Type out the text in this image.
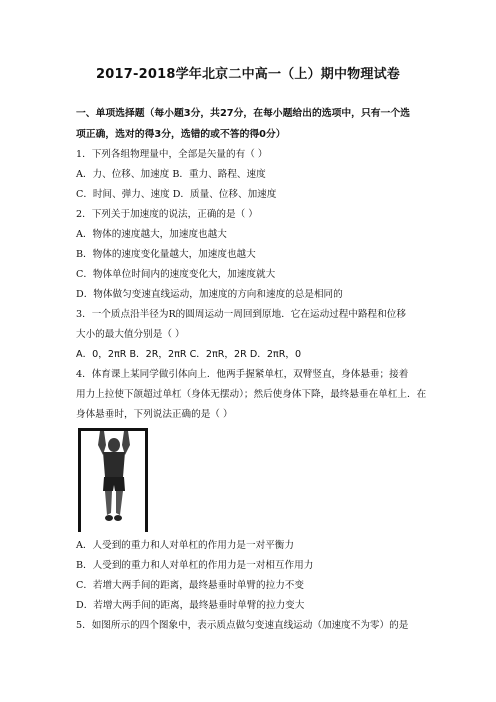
2017-2018学年北京二中高一（上）期中物理试卷
一、单项选择题（每小题3分，共27分，在每小题给出的选项中，只有一个选
项正确，选对的得3分，选错的或不答的得0分）
1．下列各组物理量中，全部是矢量的有（ ）
A．力、位移、加速度 B．重力、路程、速度
C．时间、弹力、速度 D．质量、位移、加速度
2．下列关于加速度的说法，正确的是（ ）
A．物体的速度越大，加速度也越大
B．物体的速度变化量越大，加速度也越大
C．物体单位时间内的速度变化大，加速度就大
D．物体做匀变速直线运动，加速度的方向和速度的总是相同的
3．一个质点沿半径为R的圆周运动一周回到原地．它在运动过程中路程和位移
大小的最大值分别是（ ）
A．0，2πR B．2R，2πR C．2πR，2R D．2πR，0
4．体育课上某同学做引体向上．他两手握紧单杠，双臂竖直，身体悬垂；接着
用力上拉使下颌超过单杠（身体无摆动）；然后使身体下降，最终悬垂在单杠上．在
身体悬垂时，下列说法正确的是（ ）
A．人受到的重力和人对单杠的作用力是一对平衡力
B．人受到的重力和人对单杠的作用力是一对相互作用力
C．若增大两手间的距离，最终悬垂时单臂的拉力不变
D．若增大两手间的距离，最终悬垂时单臂的拉力变大
5．如图所示的四个图象中，表示质点做匀变速直线运动（加速度不为零）的是
